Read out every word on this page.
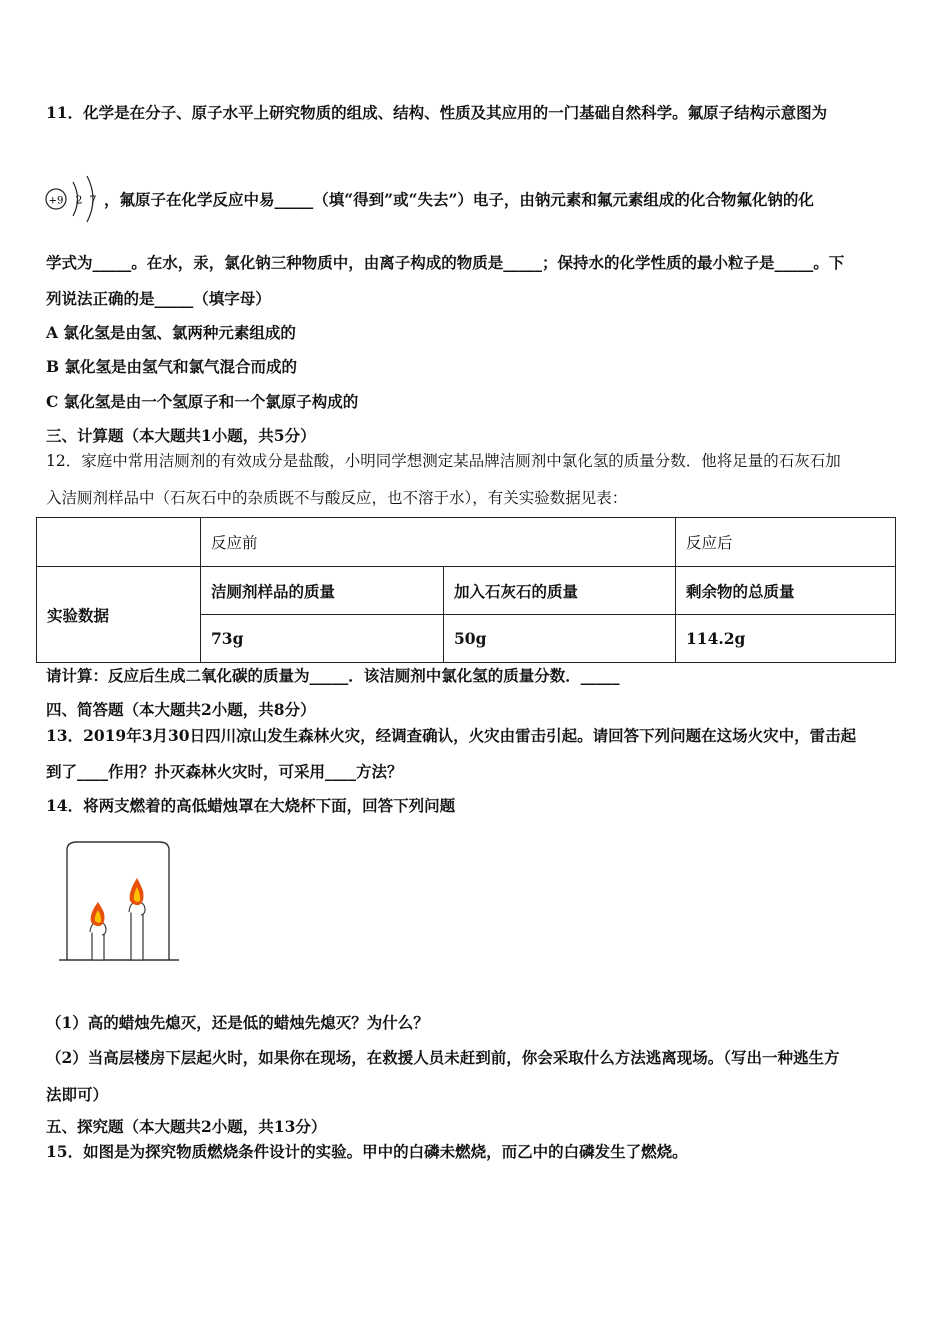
11．化学是在分子、原子水平上研究物质的组成、结构、性质及其应用的一门基础自然科学。氟原子结构示意图为
+9 2 7 ，氟原子在化学反应中易_____（填“得到”或“失去”）电子，由钠元素和氟元素组成的化合物氟化钠的化
学式为_____。在水，汞，氯化钠三种物质中，由离子构成的物质是_____；保持水的化学性质的最小粒子是_____。下
列说法正确的是_____（填字母）
A 氯化氢是由氢、氯两种元素组成的
B 氯化氢是由氢气和氯气混合而成的
C 氯化氢是由一个氢原子和一个氯原子构成的
三、计算题（本大题共1小题，共5分）
12．家庭中常用洁厕剂的有效成分是盐酸，小明同学想测定某品牌洁厕剂中氯化氢的质量分数．他将足量的石灰石加
入洁厕剂样品中（石灰石中的杂质既不与酸反应，也不溶于水），有关实验数据见表：
	反应前		反应后
实验数据	洁厕剂样品的质量	加入石灰石的质量	剩余物的总质量
	73g	50g	114.2g
请计算：反应后生成二氧化碳的质量为_____．该洁厕剂中氯化氢的质量分数．_____
四、简答题（本大题共2小题，共8分）
13．2019年3月30日四川凉山发生森林火灾，经调查确认，火灾由雷击引起。请回答下列问题在这场火灾中，雷击起
到了____作用？扑灭森林火灾时，可采用____方法？
14．将两支燃着的高低蜡烛罩在大烧杯下面，回答下列问题
（1）高的蜡烛先熄灭，还是低的蜡烛先熄灭？为什么？
（2）当高层楼房下层起火时，如果你在现场，在救援人员未赶到前，你会采取什么方法逃离现场。（写出一种逃生方
法即可）
五、探究题（本大题共2小题，共13分）
15．如图是为探究物质燃烧条件设计的实验。甲中的白磷未燃烧，而乙中的白磷发生了燃烧。
